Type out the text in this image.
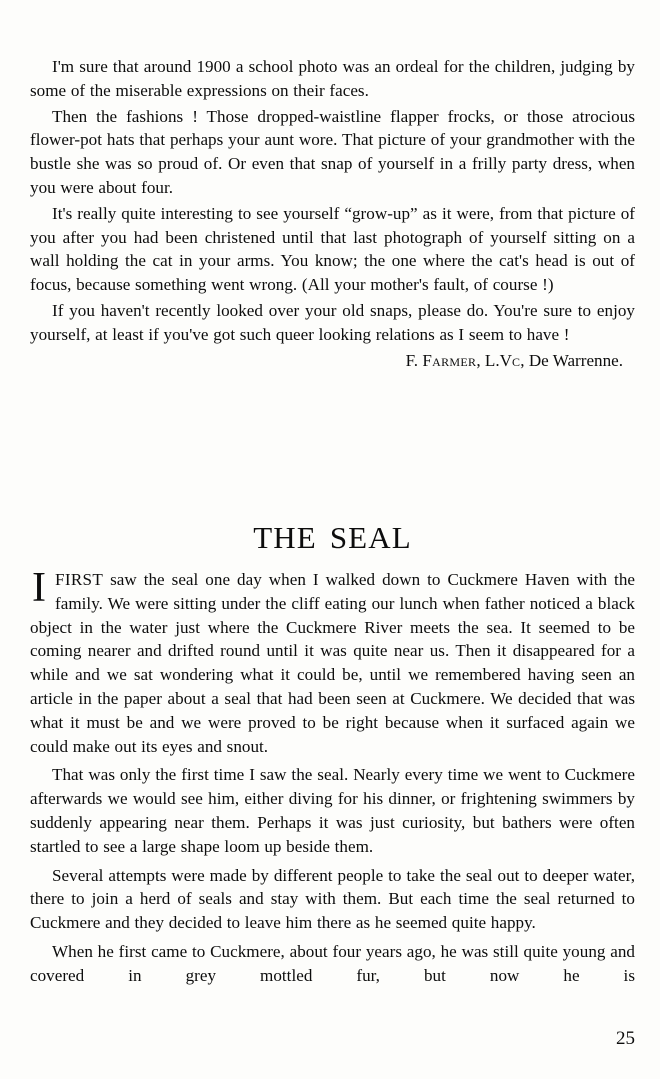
I'm sure that around 1900 a school photo was an ordeal for the children, judging by some of the miserable expressions on their faces.

Then the fashions ! Those dropped-waistline flapper frocks, or those atrocious flower-pot hats that perhaps your aunt wore. That picture of your grandmother with the bustle she was so proud of. Or even that snap of yourself in a frilly party dress, when you were about four.

It's really quite interesting to see yourself “grow-up” as it were, from that picture of you after you had been christened until that last photograph of yourself sitting on a wall holding the cat in your arms. You know; the one where the cat's head is out of focus, because something went wrong. (All your mother's fault, of course !)

If you haven't recently looked over your old snaps, please do. You're sure to enjoy yourself, at least if you've got such queer looking relations as I seem to have !

F. Farmer, L.Vc, De Warrenne.
THE SEAL

IFIRST saw the seal one day when I walked down to Cuckmere Haven with the family. We were sitting under the cliff eating our lunch when father noticed a black object in the water just where the Cuckmere River meets the sea. It seemed to be coming nearer and drifted round until it was quite near us. Then it disappeared for a while and we sat wondering what it could be, until we remembered having seen an article in the paper about a seal that had been seen at Cuckmere. We decided that was what it must be and we were proved to be right because when it surfaced again we could make out its eyes and snout.

That was only the first time I saw the seal. Nearly every time we went to Cuckmere afterwards we would see him, either diving for his dinner, or frightening swimmers by suddenly appearing near them. Perhaps it was just curiosity, but bathers were often startled to see a large shape loom up beside them.

Several attempts were made by different people to take the seal out to deeper water, there to join a herd of seals and stay with them. But each time the seal returned to Cuckmere and they decided to leave him there as he seemed quite happy.

When he first came to Cuckmere, about four years ago, he was still quite young and covered in grey mottled fur, but now he is

25
